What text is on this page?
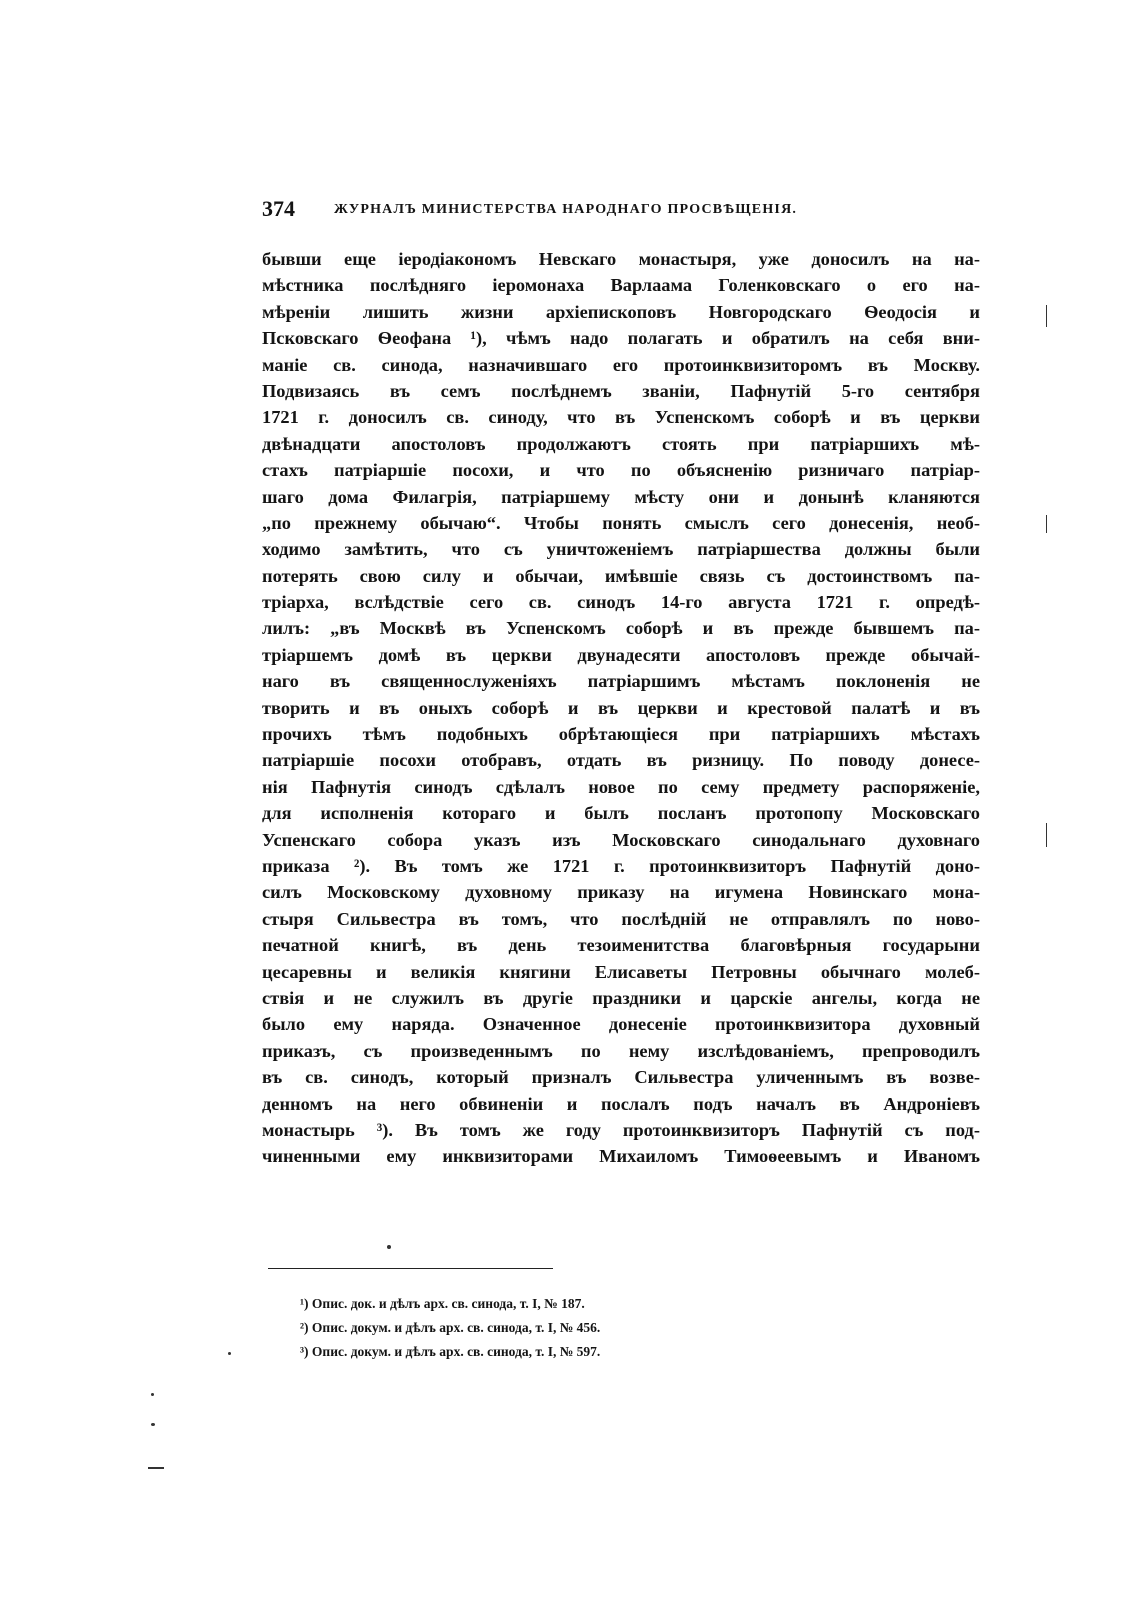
374	ЖУРНАЛЪ МИНИСТЕРСТВА НАРОДНАГО ПРОСВѢЩЕНІЯ.
бывши еще іеродіакономъ Невскаго монастыря, уже доносилъ на на-
мѣстника послѣдняго іеромонаха Варлаама Голенковскаго о его на-
мѣреніи лишить жизни архіепископовъ Новгородскаго Ѳеодосія и
Псковскаго Ѳеофана ¹), чѣмъ надо полагать и обратилъ на себя вни-
маніе св. синода, назначившаго его протоинквизиторомъ въ Москву.
Подвизаясь въ семъ послѣднемъ званіи, Пафнутій 5-го сентября
1721 г. доносилъ св. синоду, что въ Успенскомъ соборѣ и въ церкви
двѣнадцати апостоловъ продолжаютъ стоять при патріаршихъ мѣ-
стахъ патріаршіе посохи, и что по объясненію ризничаго патріар-
шаго дома Филагрія, патріаршему мѣсту они и донынѣ кланяются
„по прежнему обычаю“. Чтобы понять смыслъ сего донесенія, необ-
ходимо замѣтить, что съ уничтоженіемъ патріаршества должны были
потерять свою силу и обычаи, имѣвшіе связь съ достоинствомъ па-
тріарха, вслѣдствіе сего св. синодъ 14-го августа 1721 г. опредѣ-
лилъ: „въ Москвѣ въ Успенскомъ соборѣ и въ прежде бывшемъ па-
тріаршемъ домѣ въ церкви двунадесяти апостоловъ прежде обычай-
наго въ священнослуженіяхъ патріаршимъ мѣстамъ поклоненія не
творить и въ оныхъ соборѣ и въ церкви и крестовой палатѣ и въ
прочихъ тѣмъ подобныхъ обрѣтающіеся при патріаршихъ мѣстахъ
патріаршіе посохи отобравъ, отдать въ ризницу. По поводу донесе-
нія Пафнутія синодъ сдѣлалъ новое по сему предмету распоряженіе,
для исполненія котораго и былъ посланъ протопопу Московскаго
Успенскаго собора указъ изъ Московскаго синодальнаго духовнаго
приказа ²). Въ томъ же 1721 г. протоинквизиторъ Пафнутій доно-
силъ Московскому духовному приказу на игумена Новинскаго мона-
стыря Сильвестра въ томъ, что послѣдній не отправлялъ по ново-
печатной книгѣ, въ день тезоименитства благовѣрныя государыни
цесаревны и великія княгини Елисаветы Петровны обычнаго молеб-
ствія и не служилъ въ другіе праздники и царскіе ангелы, когда не
было ему наряда. Означенное донесеніе протоинквизитора духовный
приказъ, съ произведеннымъ по нему изслѣдованіемъ, препроводилъ
въ св. синодъ, который призналъ Сильвестра уличеннымъ въ возве-
денномъ на него обвиненіи и послалъ подъ началъ въ Андроніевъ
монастырь ³). Въ томъ же году протоинквизиторъ Пафнутій съ под-
чиненными ему инквизиторами Михаиломъ Тимоѳеевымъ и Иваномъ
¹) Опис. док. и дѣлъ арх. св. синода, т. I, № 187.
²) Опис. докум. и дѣлъ арх. св. синода, т. I, № 456.
³) Опис. докум. и дѣлъ арх. св. синода, т. I, № 597.
